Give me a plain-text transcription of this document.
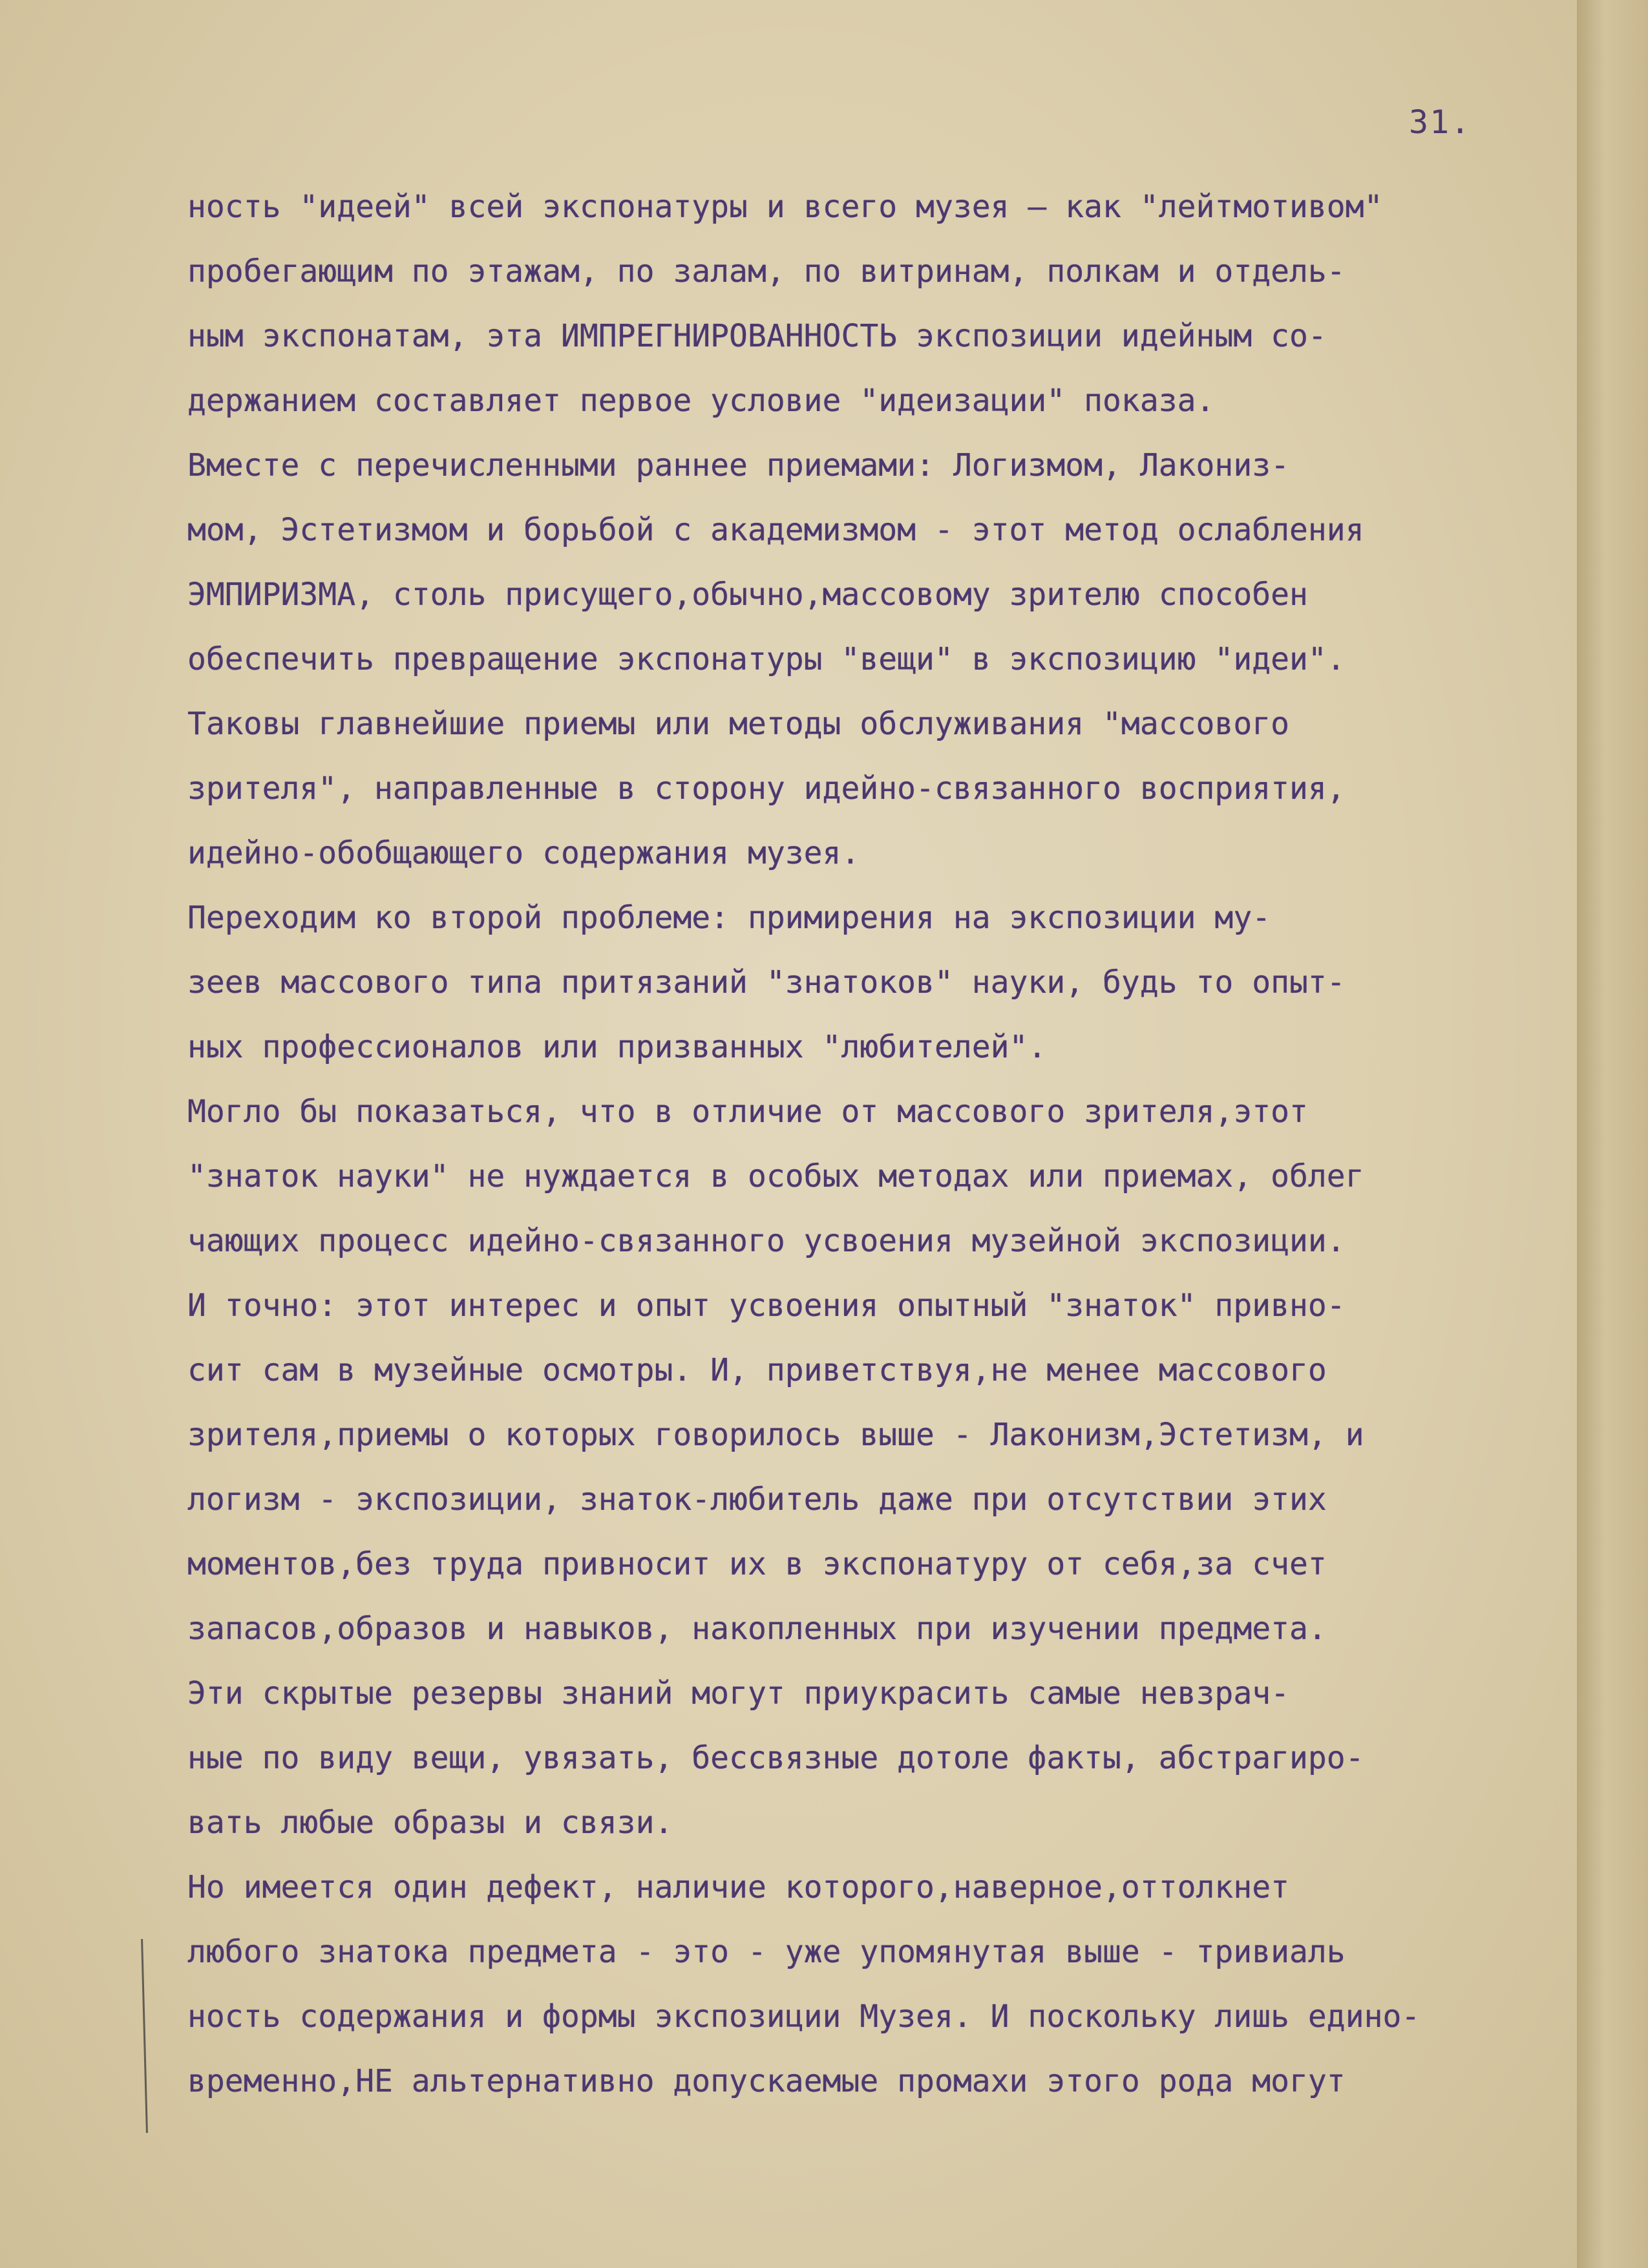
31.
ность "идеей" всей экспонатуры и всего музея — как "лейтмотивом"
пробегающим по этажам, по залам, по витринам, полкам и отдель-
ным экспонатам, эта ИМПРЕГНИРОВАННОСТЬ экспозиции идейным со-
держанием составляет первое условие "идеизации" показа.
Вместе с перечисленными раннее приемами: Логизмом, Лакониз-
мом, Эстетизмом и борьбой с академизмом - этот метод ослабления
ЭМПИРИЗМА, столь присущего,обычно,массовому зрителю способен
обеспечить превращение экспонатуры "вещи" в экспозицию "идеи".
Таковы главнейшие приемы или методы обслуживания "массового
зрителя", направленные в сторону идейно-связанного восприятия,
идейно-обобщающего содержания музея.
Переходим ко второй проблеме: примирения на экспозиции му-
зеев массового типа притязаний "знатоков" науки, будь то опыт-
ных профессионалов или призванных "любителей".
Могло бы показаться, что в отличие от массового зрителя,этот
"знаток науки" не нуждается в особых методах или приемах, облег
чающих процесс идейно-связанного усвоения музейной экспозиции.
И точно: этот интерес и опыт усвоения опытный "знаток" привно-
сит сам в музейные осмотры. И, приветствуя,не менее массового
зрителя,приемы о которых говорилось выше - Лаконизм,Эстетизм, и
логизм - экспозиции, знаток-любитель даже при отсутствии этих
моментов,без труда привносит их в экспонатуру от себя,за счет
запасов,образов и навыков, накопленных при изучении предмета.
Эти скрытые резервы знаний могут приукрасить самые невзрач-
ные по виду вещи, увязать, бессвязные дотоле факты, абстрагиро-
вать любые образы и связи.
Но имеется один дефект, наличие которого,наверное,оттолкнет
любого знатока предмета - это - уже упомянутая выше - тривиаль
ность содержания и формы экспозиции Музея. И поскольку лишь едино-
временно,НЕ альтернативно допускаемые промахи этого рода могут
